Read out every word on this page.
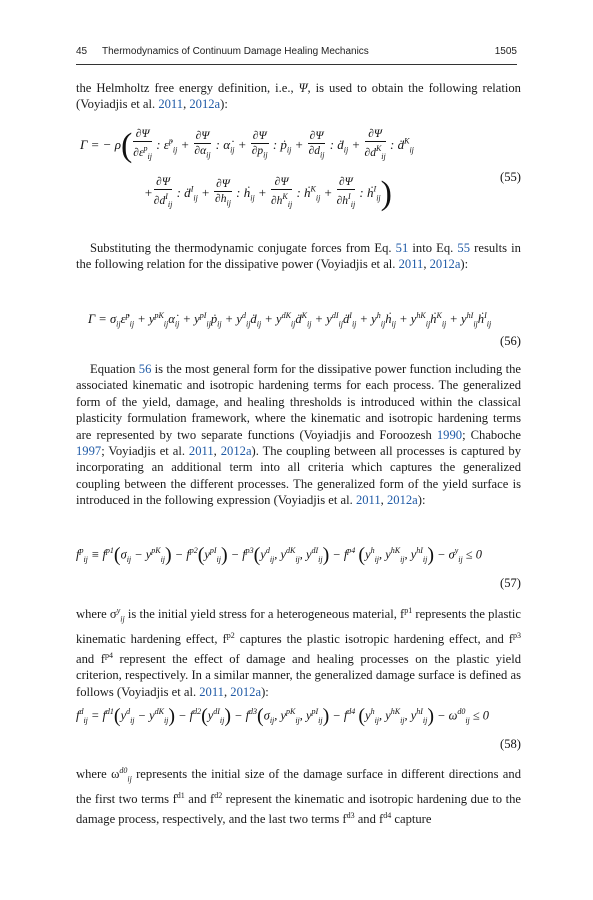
45 Thermodynamics of Continuum Damage Healing Mechanics	1505
the Helmholtz free energy definition, i.e., Ψ, is used to obtain the following relation (Voyiadjis et al. 2011, 2012a):
Γ = − $\rho( \frac{\partial\Psi}{\partial\varepsilon^p_{ij}}$ : ε̇$^p_{ij}$ + $\frac{\partial\Psi}{\partial\alpha_{ij}}$ : $\alphȧ_{ij} + \frac{\partial\Psi}{\partial p_{ij}}$ : ṗ$_{ij}$ + $\frac{\partial\Psi}{\partial d_{ij}}$ : ḋ$_{ij}$ + $\frac{\partial\Psi}{\partial d^K_{ij}}$ : ḋ$^K_{ij}$
+ $\frac{\partial\Psi}{\partial d^I_{ij}}$ : ḋ$^I_{ij}$ + $\frac{\partial\Psi}{\partial h_{ij}}$ : ḣ$_{ij}$ + $\frac{\partial\Psi}{\partial h^K_{ij}}$ : ḣ$^K_{ij}$ + $\frac{\partial\Psi}{\partial h^I_{ij}}$ : ḣ$^I_{ij}$)	(55)
Substituting the thermodynamic conjugate forces from Eq. 51 into Eq. 55 results in the following relation for the dissipative power (Voyiadjis et al. 2011, 2012a):
$\Gamma = \sigma_{ij}\varepsiloṅ^p_{ij}$ + $y^{pK}_{ij}\alphȧ_{ij}$ + $y^{pI}_{ij}ṗ_{ij}$ + $y^d_{ij}ḋ_{ij}$ + $y^{dK}_{ij}ḋ^K_{ij}$ + $y^{dI}_{ij}ḋ^I_{ij}$ + $y^h_{ij}ḣ_{ij}$ + $y^{hK}_{ij}ḣ^K_{ij}$ + $y^{hI}_{ij}ḣ^I_{ij}$
(56)
Equation 56 is the most general form for the dissipative power function including the associated kinematic and isotropic hardening terms for each process. The generalized form of the yield, damage, and healing thresholds is introduced within the classical plasticity formulation framework, where the kinematic and isotropic hardening terms are represented by two separate functions (Voyiadjis and Foroozesh 1990; Chaboche 1997; Voyiadjis et al. 2011, 2012a). The coupling between all processes is captured by incorporating an additional term into all criteria which captures the generalized coupling between the different processes. The generalized form of the yield surface is introduced in the following expression (Voyiadjis et al. 2011, 2012a):
$f^p_{ij} \equiv f^{p1}(\sigma_{ij} - y^{pK}_{ij}) - f^{p2}(y^{pI}_{ij}) - f^{p3}(y^d_{ij}$, $y^{dK}_{ij}$, $y^{dI}_{ij}) - f^{p4}$ ($y^h_{ij}$, $y^{hK}_{ij}$, $y^{hI}_{ij}) - \sigma^y_{ij} \le 0$
(57)
where $\sigma^y_{ij}$ is the initial yield stress for a heterogeneous material, $f^{p1}$ represents the plastic kinematic hardening effect, $f^{p2}$ captures the plastic isotropic hardening effect, and $f^{p3}$ and $f^{p4}$ represent the effect of damage and healing processes on the plastic yield criterion, respectively. In a similar manner, the generalized damage surface is defined as follows (Voyiadjis et al. 2011, 2012a):
$f^d_{ij} = f^{d1}(y^d_{ij} - y^{dK}_{ij}) - f^{d2}(y^{dI}_{ij}) - f^{d3}(\sigma_{ij}$, $y^{pK}_{ij}$, $y^{pI}_{ij}) - f^{d4}$ ($y^h_{ij}$, $y^{hK}_{ij}$, $y^{hI}_{ij}) - \omega^{d0}_{ij} \le 0$
(58)
where $\omega^{d0}_{ij}$ represents the initial size of the damage surface in different directions and the first two terms $f^{d1}$ and $f^{d2}$ represent the kinematic and isotropic hardening due to the damage process, respectively, and the last two terms $f^{d3}$ and $f^{d4}$ capture
